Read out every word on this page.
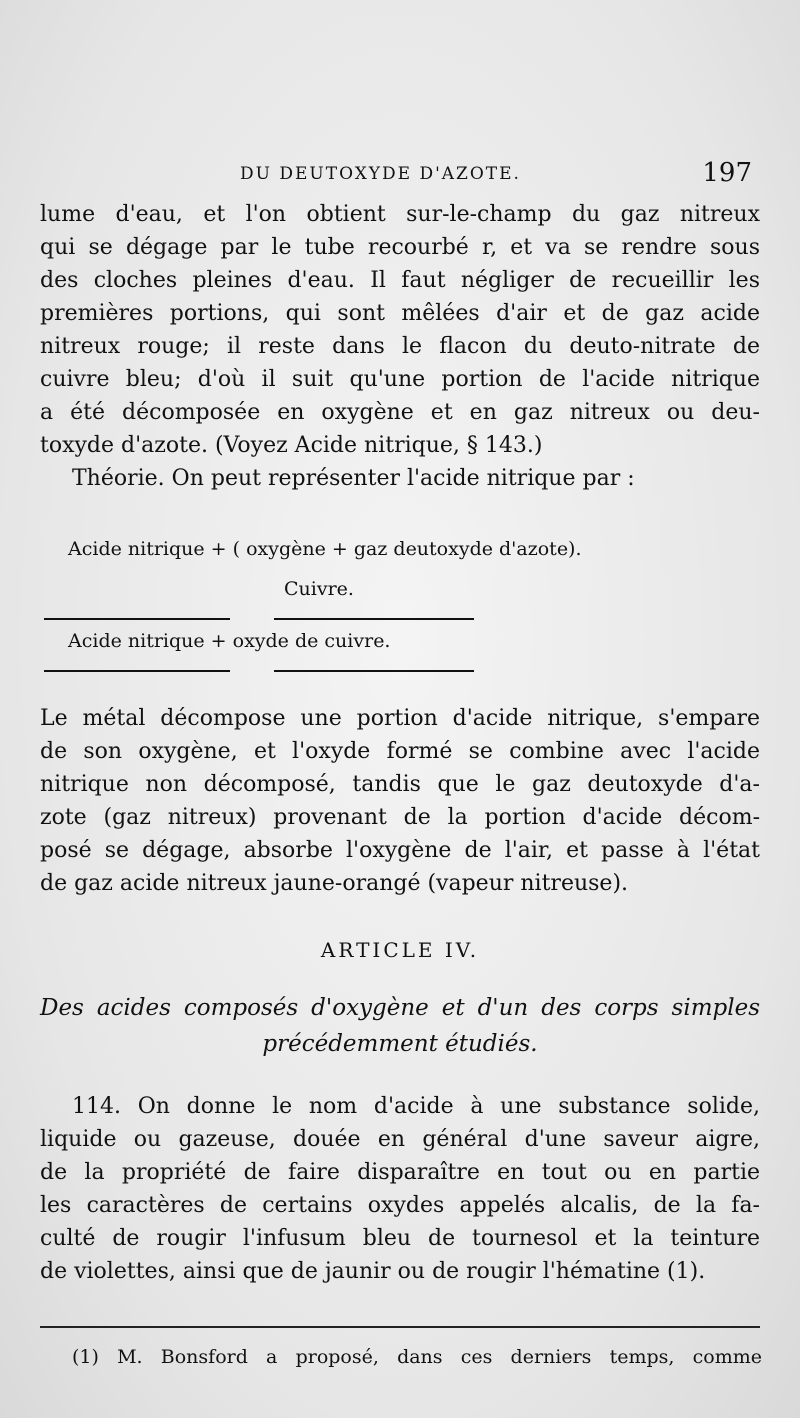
DU DEUTOXYDE D'AZOTE.	197
lume d'eau, et l'on obtient sur-le-champ du gaz nitreux
qui se dégage par le tube recourbé r, et va se rendre sous
des cloches pleines d'eau. Il faut négliger de recueillir les
premières portions, qui sont mêlées d'air et de gaz acide
nitreux rouge; il reste dans le flacon du deuto-nitrate de
cuivre bleu; d'où il suit qu'une portion de l'acide nitrique
a été décomposée en oxygène et en gaz nitreux ou deu-
toxyde d'azote. (Voyez Acide nitrique, § 143.)
Théorie. On peut représenter l'acide nitrique par :
Acide nitrique + ( oxygène + gaz deutoxyde d'azote).
Cuivre.
Acide nitrique + oxyde de cuivre.
Le métal décompose une portion d'acide nitrique, s'empare
de son oxygène, et l'oxyde formé se combine avec l'acide
nitrique non décomposé, tandis que le gaz deutoxyde d'a-
zote (gaz nitreux) provenant de la portion d'acide décom-
posé se dégage, absorbe l'oxygène de l'air, et passe à l'état
de gaz acide nitreux jaune-orangé (vapeur nitreuse).
ARTICLE IV.
Des acides composés d'oxygène et d'un des corps simples
précédemment étudiés.
114. On donne le nom d'acide à une substance solide,
liquide ou gazeuse, douée en général d'une saveur aigre,
de la propriété de faire disparaître en tout ou en partie
les caractères de certains oxydes appelés alcalis, de la fa-
culté de rougir l'infusum bleu de tournesol et la teinture
de violettes, ainsi que de jaunir ou de rougir l'hématine (1).
(1) M. Bonsford a proposé, dans ces derniers temps, comme
